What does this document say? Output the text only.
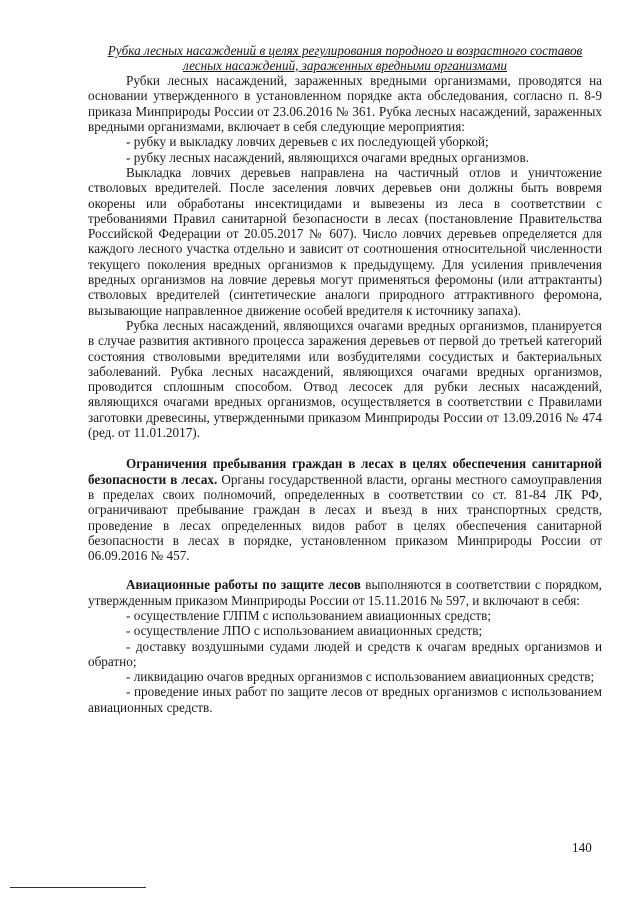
Рубка лесных насаждений в целях регулирования породного и возрастного составов лесных насаждений, зараженных вредными организмами

Рубки лесных насаждений, зараженных вредными организмами, проводятся на основании утвержденного в установленном порядке акта обследования, согласно п. 8-9 приказа Минприроды России от 23.06.2016 № 361. Рубка лесных насаждений, зараженных вредными организмами, включает в себя следующие мероприятия:

- рубку и выкладку ловчих деревьев с их последующей уборкой;

- рубку лесных насаждений, являющихся очагами вредных организмов.

Выкладка ловчих деревьев направлена на частичный отлов и уничтожение стволовых вредителей. После заселения ловчих деревьев они должны быть вовремя окорены или обработаны инсектицидами и вывезены из леса в соответствии с требованиями Правил санитарной безопасности в лесах (постановление Правительства Российской Федерации от 20.05.2017 № 607). Число ловчих деревьев определяется для каждого лесного участка отдельно и зависит от соотношения относительной численности текущего поколения вредных организмов к предыдущему. Для усиления привлечения вредных организмов на ловчие деревья могут применяться феромоны (или аттрактанты) стволовых вредителей (синтетические аналоги природного аттрактивного феромона, вызывающие направленное движение особей вредителя к источнику запаха).

Рубка лесных насаждений, являющихся очагами вредных организмов, планируется в случае развития активного процесса заражения деревьев от первой до третьей категорий состояния стволовыми вредителями или возбудителями сосудистых и бактериальных заболеваний. Рубка лесных насаждений, являющихся очагами вредных организмов, проводится сплошным способом. Отвод лесосек для рубки лесных насаждений, являющихся очагами вредных организмов, осуществляется в соответствии с Правилами заготовки древесины, утвержденными приказом Минприроды России от 13.09.2016 № 474 (ред. от 11.01.2017).

Ограничения пребывания граждан в лесах в целях обеспечения санитарной безопасности в лесах. Органы государственной власти, органы местного самоуправления в пределах своих полномочий, определенных в соответствии со ст. 81-84 ЛК РФ, ограничивают пребывание граждан в лесах и въезд в них транспортных средств, проведение в лесах определенных видов работ в целях обеспечения санитарной безопасности в лесах в порядке, установленном приказом Минприроды России от 06.09.2016 № 457.

Авиационные работы по защите лесов выполняются в соответствии с порядком, утвержденным приказом Минприроды России от 15.11.2016 № 597, и включают в себя:

- осуществление ГЛПМ с использованием авиационных средств;

- осуществление ЛПО с использованием авиационных средств;

- доставку воздушными судами людей и средств к очагам вредных организмов и обратно;

- ликвидацию очагов вредных организмов с использованием авиационных средств;

- проведение иных работ по защите лесов от вредных организмов с использованием авиационных средств.

140
